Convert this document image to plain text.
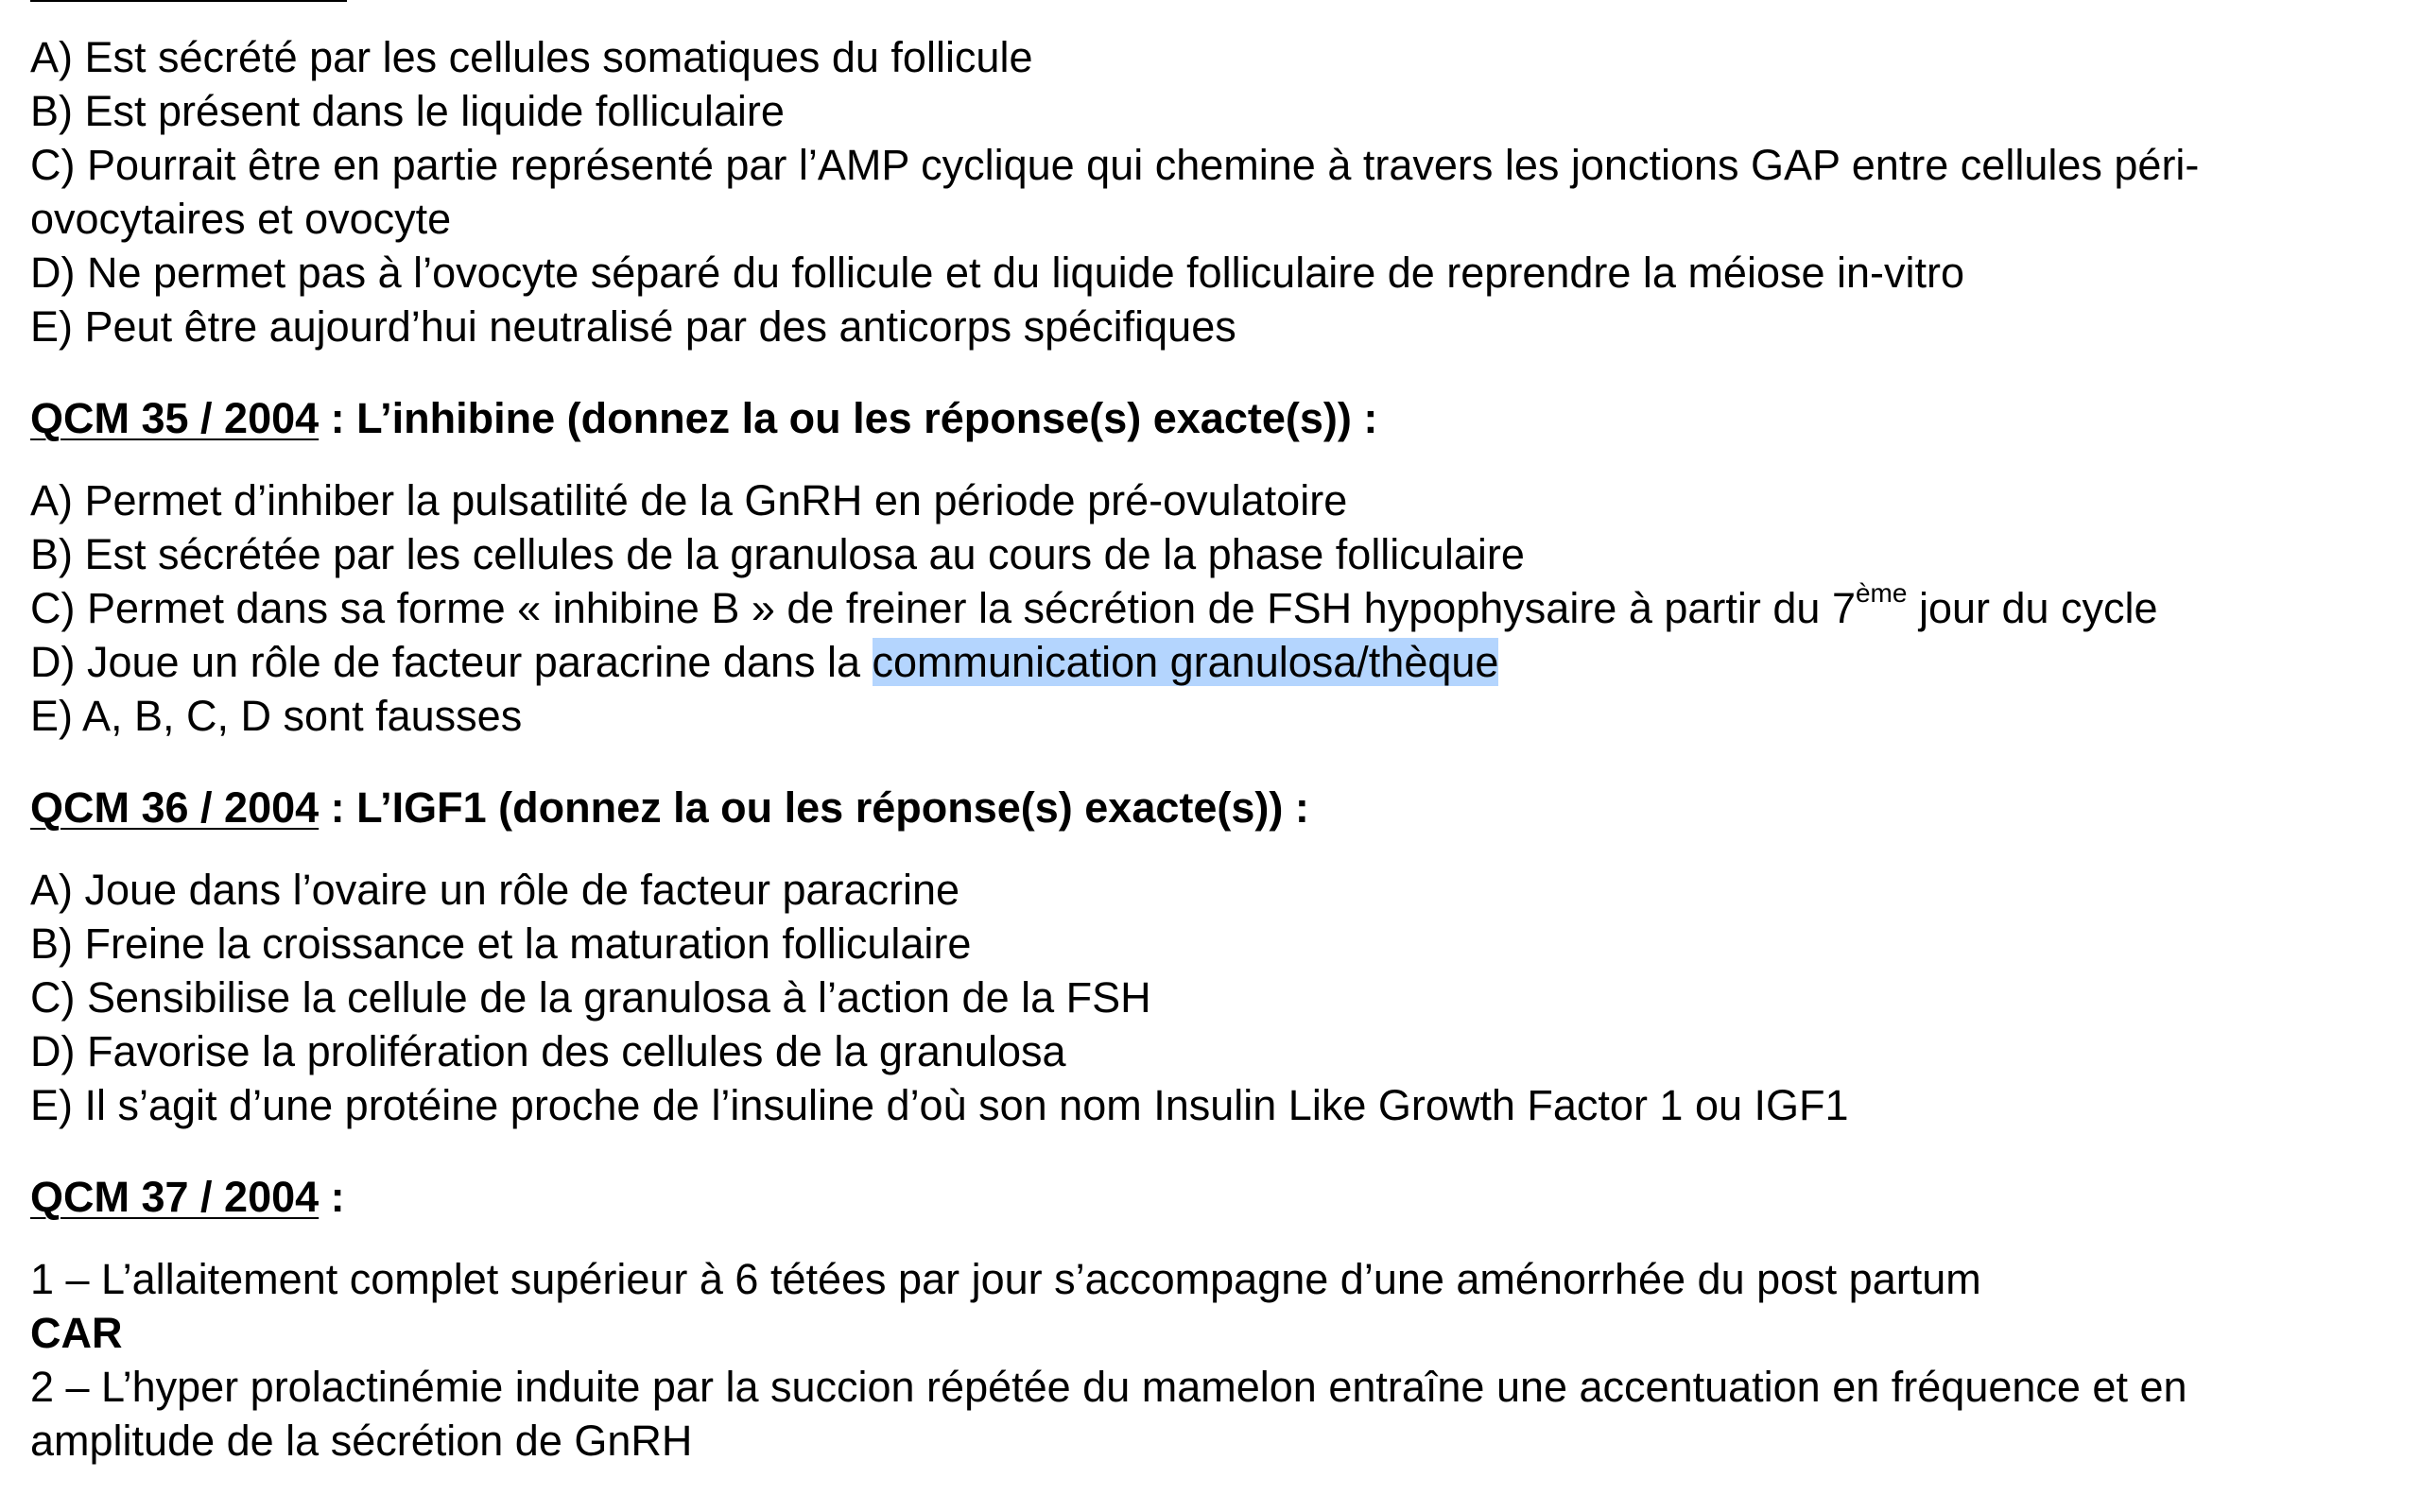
A) Est sécrété par les cellules somatiques du follicule
B) Est présent dans le liquide folliculaire
C) Pourrait être en partie représenté par l’AMP cyclique qui chemine à travers les jonctions GAP entre cellules péri-
ovocytaires et ovocyte
D) Ne permet pas à l’ovocyte séparé du follicule et du liquide folliculaire de reprendre la méiose in-vitro
E) Peut être aujourd’hui neutralisé par des anticorps spécifiques
QCM 35 / 2004 : L’inhibine (donnez la ou les réponse(s) exacte(s)) :
A) Permet d’inhiber la pulsatilité de la GnRH en période pré-ovulatoire
B) Est sécrétée par les cellules de la granulosa au cours de la phase folliculaire
C) Permet dans sa forme « inhibine B » de freiner la sécrétion de FSH hypophysaire à partir du 7ème jour du cycle
D) Joue un rôle de facteur paracrine dans la communication granulosa/thèque
E) A, B, C, D sont fausses
QCM 36 / 2004 : L’IGF1 (donnez la ou les réponse(s) exacte(s)) :
A) Joue dans l’ovaire un rôle de facteur paracrine
B) Freine la croissance et la maturation folliculaire
C) Sensibilise la cellule de la granulosa à l’action de la FSH
D) Favorise la prolifération des cellules de la granulosa
E) Il s’agit d’une protéine proche de l’insuline d’où son nom Insulin Like Growth Factor 1 ou IGF1
QCM 37 / 2004 :
1 – L’allaitement complet supérieur à 6 tétées par jour s’accompagne d’une aménorrhée du post partum
CAR
2 – L’hyper prolactinémie induite par la succion répétée du mamelon entraîne une accentuation en fréquence et en
amplitude de la sécrétion de GnRH
